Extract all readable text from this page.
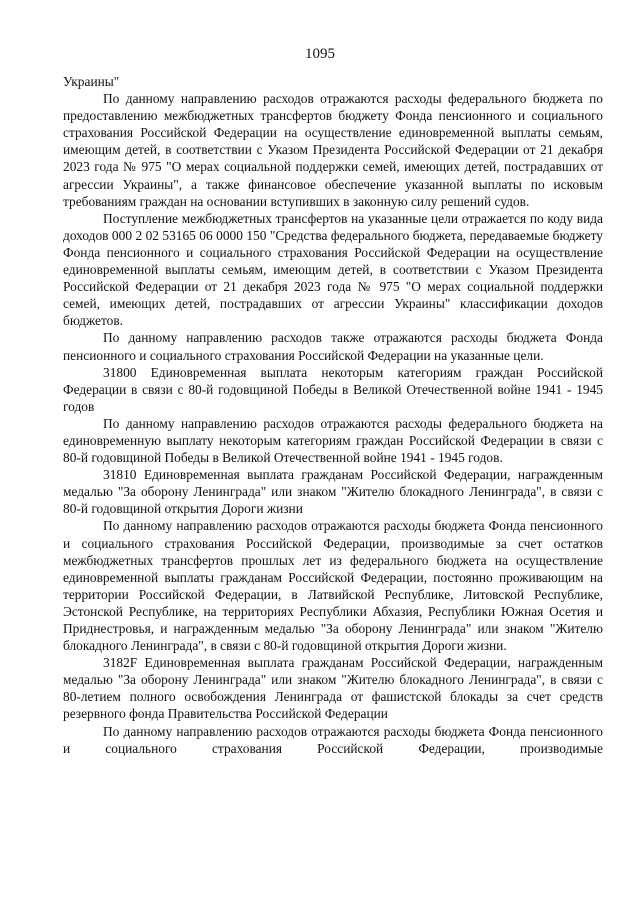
1095

Украины"

По данному направлению расходов отражаются расходы федерального бюджета по предоставлению межбюджетных трансфертов бюджету Фонда пенсионного и социального страхования Российской Федерации на осуществление единовременной выплаты семьям, имеющим детей, в соответствии с Указом Президента Российской Федерации от 21 декабря 2023 года № 975 "О мерах социальной поддержки семей, имеющих детей, пострадавших от агрессии Украины", а также финансовое обеспечение указанной выплаты по исковым требованиям граждан на основании вступивших в законную силу решений судов.

Поступление межбюджетных трансфертов на указанные цели отражается по коду вида доходов 000 2 02 53165 06 0000 150 "Средства федерального бюджета, передаваемые бюджету Фонда пенсионного и социального страхования Российской Федерации на осуществление единовременной выплаты семьям, имеющим детей, в соответствии с Указом Президента Российской Федерации от 21 декабря 2023 года № 975 "О мерах социальной поддержки семей, имеющих детей, пострадавших от агрессии Украины" классификации доходов бюджетов.

По данному направлению расходов также отражаются расходы бюджета Фонда пенсионного и социального страхования Российской Федерации на указанные цели.

31800 Единовременная выплата некоторым категориям граждан Российской Федерации в связи с 80-й годовщиной Победы в Великой Отечественной войне 1941 - 1945 годов

По данному направлению расходов отражаются расходы федерального бюджета на единовременную выплату некоторым категориям граждан Российской Федерации в связи с 80-й годовщиной Победы в Великой Отечественной войне 1941 - 1945 годов.

31810 Единовременная выплата гражданам Российской Федерации, награжденным медалью "За оборону Ленинграда" или знаком "Жителю блокадного Ленинграда", в связи с 80-й годовщиной открытия Дороги жизни

По данному направлению расходов отражаются расходы бюджета Фонда пенсионного и социального страхования Российской Федерации, производимые за счет остатков межбюджетных трансфертов прошлых лет из федерального бюджета на осуществление единовременной выплаты гражданам Российской Федерации, постоянно проживающим на территории Российской Федерации, в Латвийской Республике, Литовской Республике, Эстонской Республике, на территориях Республики Абхазия, Республики Южная Осетия и Приднестровья, и награжденным медалью "За оборону Ленинграда" или знаком "Жителю блокадного Ленинграда", в связи с 80-й годовщиной открытия Дороги жизни.

3182F Единовременная выплата гражданам Российской Федерации, награжденным медалью "За оборону Ленинграда" или знаком "Жителю блокадного Ленинграда", в связи с 80-летием полного освобождения Ленинграда от фашистской блокады за счет средств резервного фонда Правительства Российской Федерации

По данному направлению расходов отражаются расходы бюджета Фонда пенсионного и социального страхования Российской Федерации, производимые
